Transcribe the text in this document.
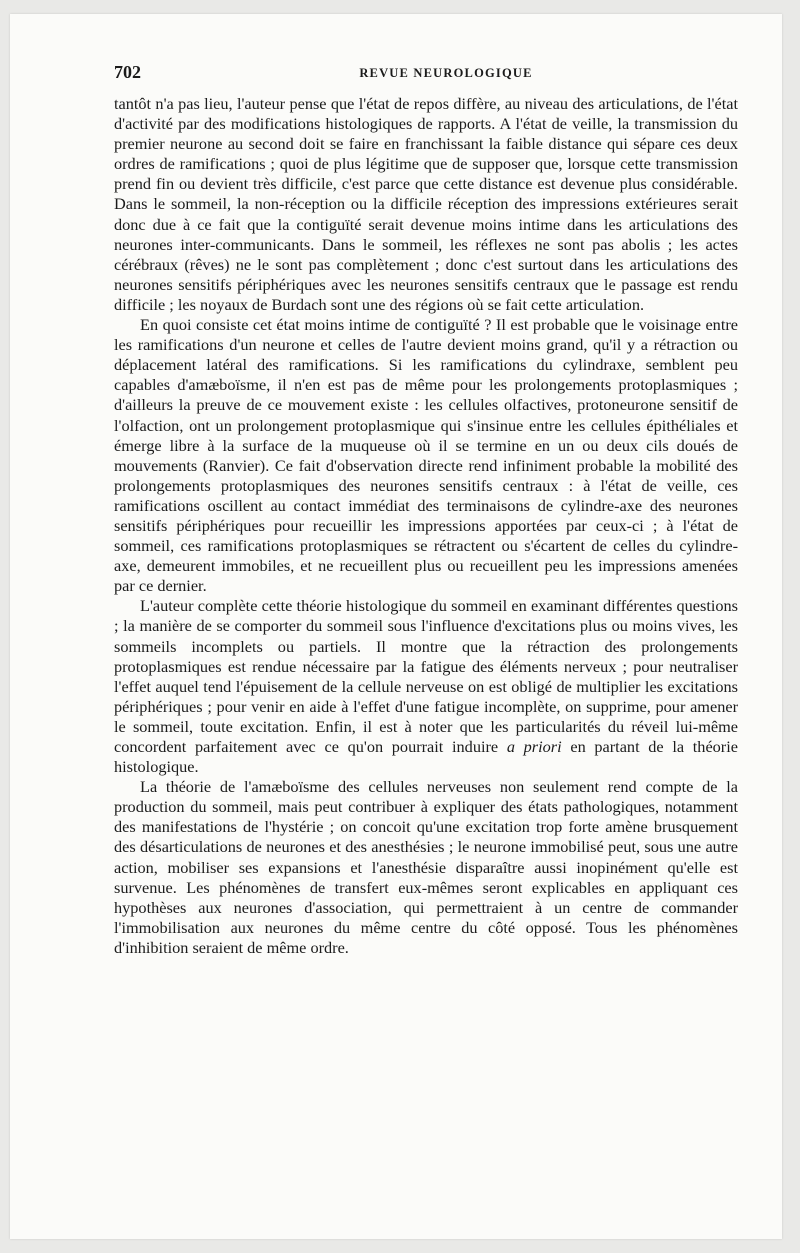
702	REVUE NEUROLOGIQUE

tantôt n'a pas lieu, l'auteur pense que l'état de repos diffère, au niveau des articulations, de l'état d'activité par des modifications histologiques de rapports. A l'état de veille, la transmission du premier neurone au second doit se faire en franchissant la faible distance qui sépare ces deux ordres de ramifications ; quoi de plus légitime que de supposer que, lorsque cette transmission prend fin ou devient très difficile, c'est parce que cette distance est devenue plus considérable. Dans le sommeil, la non-réception ou la difficile réception des impressions extérieures serait donc due à ce fait que la contiguïté serait devenue moins intime dans les articulations des neurones inter-communicants. Dans le sommeil, les réflexes ne sont pas abolis ; les actes cérébraux (rêves) ne le sont pas complètement ; donc c'est surtout dans les articulations des neurones sensitifs périphériques avec les neurones sensitifs centraux que le passage est rendu difficile ; les noyaux de Burdach sont une des régions où se fait cette articulation.

En quoi consiste cet état moins intime de contiguïté ? Il est probable que le voisinage entre les ramifications d'un neurone et celles de l'autre devient moins grand, qu'il y a rétraction ou déplacement latéral des ramifications. Si les ramifications du cylindraxe, semblent peu capables d'amæboïsme, il n'en est pas de même pour les prolongements protoplasmiques ; d'ailleurs la preuve de ce mouvement existe : les cellules olfactives, protoneurone sensitif de l'olfaction, ont un prolongement protoplasmique qui s'insinue entre les cellules épithéliales et émerge libre à la surface de la muqueuse où il se termine en un ou deux cils doués de mouvements (Ranvier). Ce fait d'observation directe rend infiniment probable la mobilité des prolongements protoplasmiques des neurones sensitifs centraux : à l'état de veille, ces ramifications oscillent au contact immédiat des terminaisons de cylindre-axe des neurones sensitifs périphériques pour recueillir les impressions apportées par ceux-ci ; à l'état de sommeil, ces ramifications protoplasmiques se rétractent ou s'écartent de celles du cylindre-axe, demeurent immobiles, et ne recueillent plus ou recueillent peu les impressions amenées par ce dernier.

L'auteur complète cette théorie histologique du sommeil en examinant différentes questions ; la manière de se comporter du sommeil sous l'influence d'excitations plus ou moins vives, les sommeils incomplets ou partiels. Il montre que la rétraction des prolongements protoplasmiques est rendue nécessaire par la fatigue des éléments nerveux ; pour neutraliser l'effet auquel tend l'épuisement de la cellule nerveuse on est obligé de multiplier les excitations périphériques ; pour venir en aide à l'effet d'une fatigue incomplète, on supprime, pour amener le sommeil, toute excitation. Enfin, il est à noter que les particularités du réveil lui-même concordent parfaitement avec ce qu'on pourrait induire a priori en partant de la théorie histologique.

La théorie de l'amæboïsme des cellules nerveuses non seulement rend compte de la production du sommeil, mais peut contribuer à expliquer des états pathologiques, notamment des manifestations de l'hystérie ; on concoit qu'une excitation trop forte amène brusquement des désarticulations de neurones et des anesthésies ; le neurone immobilisé peut, sous une autre action, mobiliser ses expansions et l'anesthésie disparaître aussi inopinément qu'elle est survenue. Les phénomènes de transfert eux-mêmes seront explicables en appliquant ces hypothèses aux neurones d'association, qui permettraient à un centre de commander l'immobilisation aux neurones du même centre du côté opposé. Tous les phénomènes d'inhibition seraient de même ordre.
